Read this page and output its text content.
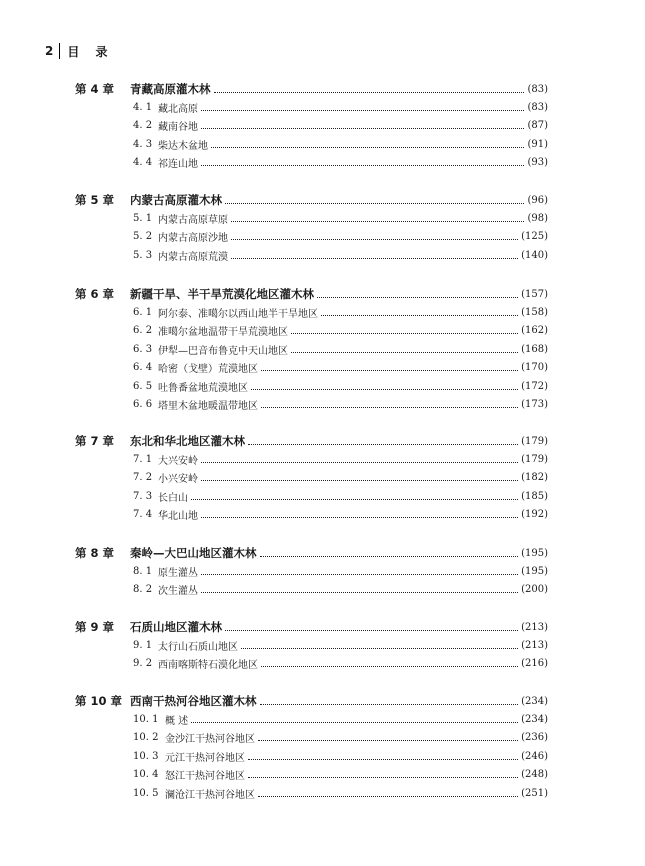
2 目 录
第 4 章 青藏高原灌木林	(83)
4. 1 藏北高原	(83)
4. 2 藏南谷地	(87)
4. 3 柴达木盆地	(91)
4. 4 祁连山地	(93)
第 5 章 内蒙古高原灌木林	(96)
5. 1 内蒙古高原草原	(98)
5. 2 内蒙古高原沙地	(125)
5. 3 内蒙古高原荒漠	(140)
第 6 章 新疆干旱、半干旱荒漠化地区灌木林	(157)
6. 1 阿尔泰、准噶尔以西山地半干旱地区	(158)
6. 2 准噶尔盆地温带干旱荒漠地区	(162)
6. 3 伊犁—巴音布鲁克中天山地区	(168)
6. 4 哈密（戈壁）荒漠地区	(170)
6. 5 吐鲁番盆地荒漠地区	(172)
6. 6 塔里木盆地暖温带地区	(173)
第 7 章 东北和华北地区灌木林	(179)
7. 1 大兴安岭	(179)
7. 2 小兴安岭	(182)
7. 3 长白山	(185)
7. 4 华北山地	(192)
第 8 章 秦岭—大巴山地区灌木林	(195)
8. 1 原生灌丛	(195)
8. 2 次生灌丛	(200)
第 9 章 石质山地区灌木林	(213)
9. 1 太行山石质山地区	(213)
9. 2 西南喀斯特石漠化地区	(216)
第 10 章 西南干热河谷地区灌木林	(234)
10. 1 概 述	(234)
10. 2 金沙江干热河谷地区	(236)
10. 3 元江干热河谷地区	(246)
10. 4 怒江干热河谷地区	(248)
10. 5 澜沧江干热河谷地区	(251)
